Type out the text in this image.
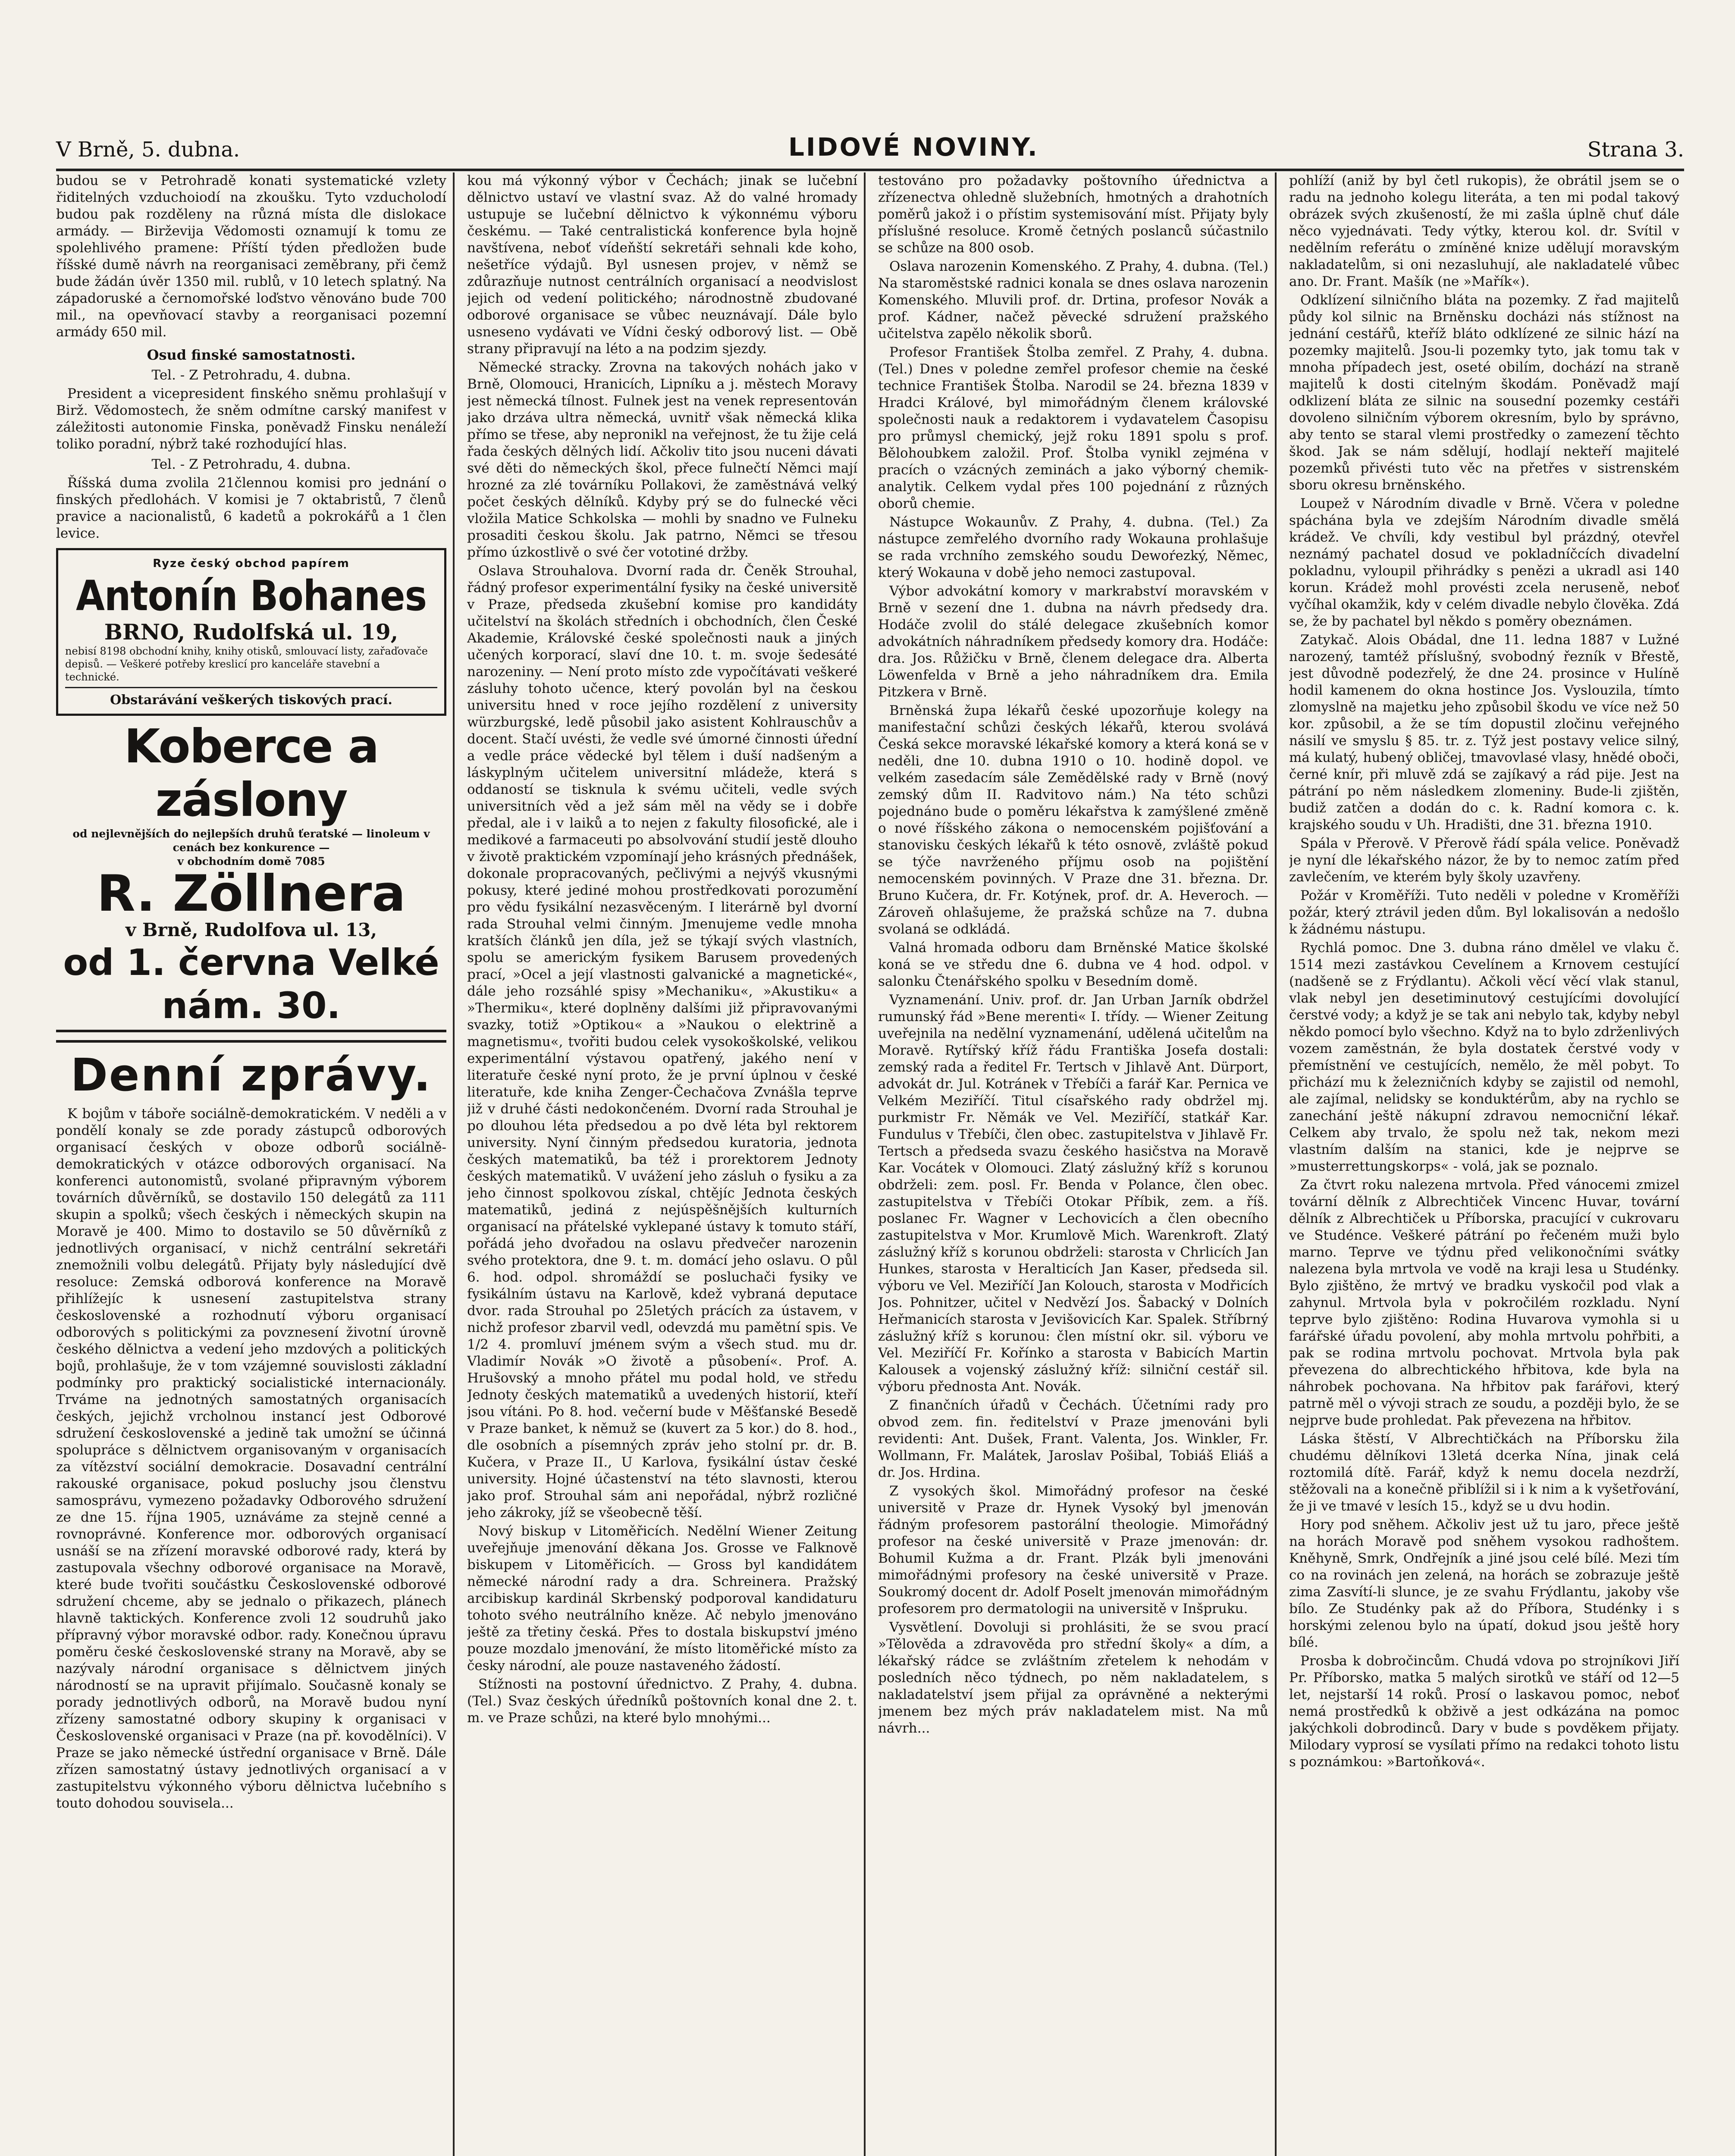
V Brně, 5. dubna.	LIDOVÉ NOVINY.	Strana 3.

budou se v Petrohradě konati systematické vzlety řiditelných vzduchoiodí na zkoušku. Tyto vzducholodí budou pak rozděleny na různá místa dle dislokace armády. — Birževija Vědomosti oznamují k tomu ze spolehlivého pramene: Příští týden předložen bude říšské dumě návrh na reorganisaci zeměbrany, při čemž bude žádán úvěr 1350 mil. rublů, v 10 letech splatný. Na západoruské a černomořské loďstvo věnováno bude 700 mil., na opevňovací stavby a reorganisaci pozemní armády 650 mil.

Osud finské samostatnosti.
Tel. - Z Petrohradu, 4. dubna.

President a vicepresident finského sněmu prohlašují v Birž. Vědomostech, že sněm odmítne carský manifest v záležitosti autonomie Finska, poněvadž Finsku nenáleží toliko poradní, nýbrž také rozhodující hlas.

Tel. - Z Petrohradu, 4. dubna.

Říšská duma zvolila 21člennou komisi pro jednání o finských předlohách. V komisi je 7 oktabristů, 7 členů pravice a nacionalistů, 6 kadetů a pokrokářů a 1 člen levice.

Ryze český obchod papírem
Antonín Bohanes
BRNO, Rudolfská ul. 19,
nebisí 8198 obchodní knihy, knihy otisků, smlouvací listy, zařaďovače depisů. — Veškeré potřeby kreslicí pro kanceláře stavební a technické.
Obstarávání veškerých tiskových prací.
Koberce a záslony
od nejlevnějších do nejlepších druhů ťeratské — linoleum v cenách bez konkurence —
v obchodním domě 7085
R. Zöllnera
v Brně, Rudolfova ul. 13,
od 1. června Velké nám. 30.
Denní zprávy.

K bojům v táboře sociálně-demokratickém. V neděli a v pondělí konaly se zde porady zástupců odborových organisací českých v oboze odborů sociálně-demokratických v otázce odborových organisací. Na konferenci autonomistů, svolané připravným výborem továrních důvěrníků, se dostavilo 150 delegátů za 111 skupin a spolků; všech českých i německých skupin na Moravě je 400. Mimo to dostavilo se 50 důvěrníků z jednotlivých organisací, v nichž centrální sekretáři znemožnili volbu delegátů. Přijaty byly následující dvě resoluce: Zemská odborová konference na Moravě přihlížejíc k usnesení zastupitelstva strany československé a rozhodnutí výboru organisací odborových s politickými za povznesení životní úrovně českého dělnictva a vedení jeho mzdových a politických bojů, prohlašuje, že v tom vzájemné souvislosti základní podmínky pro praktický socialistické internacionály. Trváme na jednotných samostatných organisacích českých, jejichž vrcholnou instancí jest Odborové sdružení československé a jedině tak umožní se účinná spolupráce s dělnictvem organisovaným v organisacích za vítězství sociální demokracie. Dosavadní centrální rakouské organisace, pokud posluchy jsou členstvu samosprávu, vymezeno požadavky Odborového sdružení ze dne 15. října 1905, uznáváme za stejně cenné a rovnoprávné. Konference mor. odborových organisací usnáší se na zřízení moravské odborové rady, která by zastupovala všechny odborové organisace na Moravě, které bude tvořiti součástku Československé odborové sdružení chceme, aby se jednalo o přikazech, plánech hlavně taktických. Konference zvoli 12 soudruhů jako přípravný výbor moravské odbor. rady. Konečnou úpravu poměru české československé strany na Moravě, aby se nazývaly národní organisace s dělnictvem jiných národností se na upravit přijímalo. Současně konaly se porady jednotlivých odborů, na Moravě budou nyní zřízeny samostatné odbory skupiny k organisaci v Československé organisaci v Praze (na př. kovodělníci). V Praze se jako německé ústřední organisace v Brně. Dále zřízen samostatný ústavy jednotlivých organisací a v zastupitelstvu výkonného výboru dělnictva lučebního s touto dohodou souvisela...

kou má výkonný výbor v Čechách; jinak se lučební dělnictvo ustaví ve vlastní svaz. Až do valné hromady ustupuje se lučební dělnictvo k výkonnému výboru českému. — Také centralistická konference byla hojně navštívena, neboť vídeňští sekretáři sehnali kde koho, nešetříce výdajů. Byl usnesen projev, v němž se zdůrazňuje nutnost centrálních organisací a neodvislost jejich od vedení politického; národnostně zbudované odborové organisace se vůbec neuznávají. Dále bylo usneseno vydávati ve Vídni český odborový list. — Obě strany připravují na léto a na podzim sjezdy.

Německé stracky. Zrovna na takových nohách jako v Brně, Olomouci, Hranicích, Lipníku a j. městech Moravy jest německá tílnost. Fulnek jest na venek representován jako drzáva ultra německá, uvnitř však německá klika přímo se třese, aby nepronikl na veřejnost, že tu žije celá řada českých dělných lidí. Ačkoliv tito jsou nuceni dávati své děti do německých škol, přece fulnečtí Němci mají hrozné za zlé továrníku Pollakovi, že zaměstnává velký počet českých dělníků. Kdyby prý se do fulnecké věci vložila Matice Schkolska — mohli by snadno ve Fulneku prosaditi českou školu. Jak patrno, Němci se třesou přímo úzkostlivě o své čer vototiné držby.

Oslava Strouhalova. Dvorní rada dr. Čeněk Strouhal, řádný profesor experimentální fysiky na české universitě v Praze, předseda zkušební komise pro kandidáty učitelství na školách středních i obchodních, člen České Akademie, Královské české společnosti nauk a jiných učených korporací, slaví dne 10. t. m. svoje šedesáté narozeniny. — Není proto místo zde vypočítávati veškeré zásluhy tohoto učence, který povolán byl na českou universitu hned v roce jejího rozdělení z university würzburgské, ledě působil jako asistent Kohlrauschův a docent. Stačí uvésti, že vedle své úmorné činnosti úřední a vedle práce vědecké byl tělem i duší nadšeným a láskyplným učitelem universitní mládeže, která s oddaností se tisknula k svému učiteli, vedle svých universitních věd a jež sám měl na vědy se i dobře předal, ale i v laiků a to nejen z fakulty filosofické, ale i medikové a farmaceuti po absolvování studií jestě dlouho v životě praktickém vzpomínají jeho krásných přednášek, dokonale propracovaných, pečlivými a nejvýš vkusnými pokusy, které jediné mohou prostředkovati porozumění pro vědu fysikální nezasvěceným. I literárně byl dvorní rada Strouhal velmi činným. Jmenujeme vedle mnoha kratších článků jen díla, jež se týkají svých vlastních, spolu se americkým fysikem Barusem provedených prací, »Ocel a její vlastnosti galvanické a magnetické«, dále jeho rozsáhlé spisy »Mechaniku«, »Akustiku« a »Thermiku«, které doplněny dalšími již připravovanými svazky, totiž »Optikou« a »Naukou o elektrině a magnetismu«, tvořiti budou celek vysokoškolské, velikou experimentální výstavou opatřený, jakého není v literatuře české nyní proto, že je první úplnou v české literatuře, kde kniha Zenger-Čechačova Zvnášla teprve již v druhé části nedokončeném. Dvorní rada Strouhal je po dlouhou léta předsedou a po dvě léta byl rektorem university. Nyní činným předsedou kuratoria, jednota českých matematiků, ba též i prorektorem Jednoty českých matematiků. V uvážení jeho zásluh o fysiku a za jeho činnost spolkovou získal, chtějíc Jednota českých matematiků, jediná z nejúspěšnějších kulturních organisací na přátelské vyklepané ústavy k tomuto stáří, pořádá jeho dvořadou na oslavu předvečer narozenin svého protektora, dne 9. t. m. domácí jeho oslavu. O půl 6. hod. odpol. shromáždí se posluchači fysiky ve fysikálním ústavu na Karlově, kdež vybraná deputace dvor. rada Strouhal po 25letých prácích za ústavem, v nichž profesor zbarvil vedl, odevzdá mu pamětní spis. Ve 1/2 4. promluví jménem svým a všech stud. mu dr. Vladimír Novák »O životě a působení«. Prof. A. Hrušovský a mnoho přátel mu podal hold, ve středu Jednoty českých matematiků a uvedených historií, kteří jsou vítáni. Po 8. hod. večerní bude v Měšťanské Besedě v Praze banket, k němuž se (kuvert za 5 kor.) do 8. hod., dle osobních a písemných zpráv jeho stolní pr. dr. B. Kučera, v Praze II., U Karlova, fysikální ústav české university. Hojné účastenství na této slavnosti, kterou jako prof. Strouhal sám ani nepořádal, nýbrž rozličné jeho zákroky, jíž se všeobecně těší.

Nový biskup v Litoměřicích. Nedělní Wiener Zeitung uveřejňuje jmenování děkana Jos. Grosse ve Falknově biskupem v Litoměřicích. — Gross byl kandidátem německé národní rady a dra. Schreinera. Pražský arcibiskup kardinál Skrbenský podporoval kandidaturu tohoto svého neutrálního kněze. Ač nebylo jmenováno ještě za třetiny česká. Přes to dostala biskupství jméno pouze mozdalo jmenování, že místo litoměřické místo za česky národní, ale pouze nastaveného žádostí.

Stížnosti na postovní úřednictvo. Z Prahy, 4. dubna. (Tel.) Svaz českých úředníků poštovních konal dne 2. t. m. ve Praze schůzi, na které bylo mnohými...

testováno pro požadavky poštovního úřednictva a zřízenectva ohledně služebních, hmotných a drahotních poměrů jakož i o přístim systemisování míst. Přijaty byly příslušné resoluce. Kromě četných poslanců súčastnilo se schůze na 800 osob.

Oslava narozenin Komenského. Z Prahy, 4. dubna. (Tel.) Na staroměstské radnici konala se dnes oslava narozenin Komenského. Mluvili prof. dr. Drtina, profesor Novák a prof. Kádner, načež pěvecké sdružení pražského učitelstva zapělo několik sborů.

Profesor František Štolba zemřel. Z Prahy, 4. dubna. (Tel.) Dnes v poledne zemřel profesor chemie na české technice František Štolba. Narodil se 24. března 1839 v Hradci Králové, byl mimořádným členem královské společnosti nauk a redaktorem i vydavatelem Časopisu pro průmysl chemický, jejž roku 1891 spolu s prof. Bělohoubkem založil. Prof. Štolba vynikl zejména v pracích o vzácných zeminách a jako výborný chemik-analytik. Celkem vydal přes 100 pojednání z různých oborů chemie.

Nástupce Wokaunův. Z Prahy, 4. dubna. (Tel.) Za nástupce zemřelého dvorního rady Wokauna prohlašuje se rada vrchního zemského soudu Dewoŕezký, Němec, který Wokauna v době jeho nemoci zastupoval.

Výbor advokátní komory v markrabství moravském v Brně v sezení dne 1. dubna na návrh předsedy dra. Hodáče zvolil do stálé delegace zkušebních komor advokátních náhradníkem předsedy komory dra. Hodáče: dra. Jos. Růžičku v Brně, členem delegace dra. Alberta Löwenfelda v Brně a jeho náhradníkem dra. Emila Pitzkera v Brně.

Brněnská župa lékařů české upozorňuje kolegy na manifestační schůzi českých lékařů, kterou svolává Česká sekce moravské lékařské komory a která koná se v neděli, dne 10. dubna 1910 o 10. hodině dopol. ve velkém zasedacím sále Zemědělské rady v Brně (nový zemský dům II. Radvitovo nám.) Na této schůzi pojednáno bude o poměru lékařstva k zamýšlené změně o nové říšského zákona o nemocenském pojišťování a stanovisku českých lékařů k této osnově, zvláště pokud se týče navrženého příjmu osob na pojištění nemocenském povinných. V Praze dne 31. března. Dr. Bruno Kučera, dr. Fr. Kotýnek, prof. dr. A. Heveroch. — Zároveň ohlašujeme, že pražská schůze na 7. dubna svolaná se odkládá.

Valná hromada odboru dam Brněnské Matice školské koná se ve středu dne 6. dubna ve 4 hod. odpol. v salonku Čtenářského spolku v Besedním domě.

Vyznamenání. Univ. prof. dr. Jan Urban Jarník obdržel rumunský řád »Bene merenti« I. třídy. — Wiener Zeitung uveřejnila na nedělní vyznamenání, udělená učitelům na Moravě. Rytířský kříž řádu Františka Josefa dostali: zemský rada a ředitel Fr. Tertsch v Jihlavě Ant. Dürport, advokát dr. Jul. Kotránek v Třebíči a farář Kar. Pernica ve Velkém Meziříčí. Titul císařského rady obdržel mj. purkmistr Fr. Němák ve Vel. Meziříčí, statkář Kar. Fundulus v Třebíči, člen obec. zastupitelstva v Jihlavě Fr. Tertsch a předseda svazu českého hasičstva na Moravě Kar. Vocátek v Olomouci. Zlatý záslužný kříž s korunou obdrželi: zem. posl. Fr. Benda v Polance, člen obec. zastupitelstva v Třebíči Otokar Příbik, zem. a říš. poslanec Fr. Wagner v Lechovicích a člen obecního zastupitelstva v Mor. Krumlově Mich. Warenkroft. Zlatý záslužný kříž s korunou obdrželi: starosta v Chrlicích Jan Hunkes, starosta v Heralticích Jan Kaser, předseda sil. výboru ve Vel. Meziříčí Jan Kolouch, starosta v Modřicích Jos. Pohnitzer, učitel v Nedvězí Jos. Šabacký v Dolních Heřmanicích starosta v Jevišovicích Kar. Spalek. Stříbrný záslužný kříž s korunou: člen místní okr. sil. výboru ve Vel. Meziříčí Fr. Kořínko a starosta v Babicích Martin Kalousek a vojenský záslužný kříž: silniční cestář sil. výboru přednosta Ant. Novák.

Z finančních úřadů v Čechách. Účetními rady pro obvod zem. fin. ředitelství v Praze jmenováni byli revidenti: Ant. Dušek, Frant. Valenta, Jos. Winkler, Fr. Wollmann, Fr. Malátek, Jaroslav Pošibal, Tobiáš Eliáš a dr. Jos. Hrdina.

Z vysokých škol. Mimořádný profesor na české universitě v Praze dr. Hynek Vysoký byl jmenován řádným profesorem pastorální theologie. Mimořádný profesor na české universitě v Praze jmenován: dr. Bohumil Kužma a dr. Frant. Plzák byli jmenováni mimořádnými profesory na české universitě v Praze. Soukromý docent dr. Adolf Poselt jmenován mimořádným profesorem pro dermatologii na universitě v Inšpruku.

Vysvětlení. Dovoluji si prohlásiti, že se svou prací »Tělověda a zdravověda pro střední školy« a dím, a lékařský rádce se zvláštním zřetelem k nehodám v posledních něco týdnech, po něm nakladatelem, s nakladatelství jsem přijal za oprávněné a nekterými jmenem bez mých práv nakladatelem mist. Na mů návrh...

pohlíží (aniž by byl četl rukopis), že obrátil jsem se o radu na jednoho kolegu literáta, a ten mi podal takový obrázek svých zkušeností, že mi zašla úplně chuť dále něco vyjednávati. Tedy výtky, kterou kol. dr. Svítil v nedělním referátu o zmíněné knize udělují moravským nakladatelům, si oni nezasluhují, ale nakladatelé vůbec ano. Dr. Frant. Mašík (ne »Mařík«).

Odklízení silničního bláta na pozemky. Z řad majitelů půdy kol silnic na Brněnsku docházi nás stížnost na jednání cestářů, kteříž bláto odklízené ze silnic hází na pozemky majitelů. Jsou-li pozemky tyto, jak tomu tak v mnoha případech jest, oseté obilím, dochází na straně majitelů k dosti citelným škodám. Poněvadž mají odklizení bláta ze silnic na sousední pozemky cestáři dovoleno silničním výborem okresním, bylo by správno, aby tento se staral vlemi prostředky o zamezení těchto škod. Jak se nám sdělují, hodlají nekteří majitelé pozemků přivésti tuto věc na přetřes v sistrenském sboru okresu brněnského.

Loupež v Národním divadle v Brně. Včera v poledne spáchána byla ve zdejším Národním divadle smělá krádež. Ve chvíli, kdy vestibul byl prázdný, otevřel neznámý pachatel dosud ve pokladníčcích divadelní pokladnu, vyloupil přihrádky s penězi a ukradl asi 140 korun. Krádež mohl provésti zcela neruseně, neboť vyčíhal okamžik, kdy v celém divadle nebylo člověka. Zdá se, že by pachatel byl někdo s poměry obeznámen.

Zatykač. Alois Obádal, dne 11. ledna 1887 v Lužné narozený, tamtéž příslušný, svobodný řezník v Břestě, jest důvodně podezřelý, že dne 24. prosince v Hulíně hodil kamenem do okna hostince Jos. Vyslouzila, tímto zlomyslně na majetku jeho způsobil škodu ve více než 50 kor. způsobil, a že se tím dopustil zločinu veřejného násilí ve smyslu § 85. tr. z. Týž jest postavy velice silný, má kulatý, hubený obličej, tmavovlasé vlasy, hnědé oboči, černé knír, při mluvě zdá se zajíkavý a rád pije. Jest na pátrání po něm následkem zlomeniny. Bude-li zjištěn, budiž zatčen a dodán do c. k. Radní komora c. k. krajského soudu v Uh. Hradišti, dne 31. března 1910.

Spála v Přerově. V Přerově řádí spála velice. Poněvadž je nyní dle lékařského názor, že by to nemoc zatím před zavlečením, ve kterém byly školy uzavřeny.

Požár v Kroměříži. Tuto neděli v poledne v Kroměříži požár, který ztrávil jeden dům. Byl lokalisován a nedošlo k žádnému nástupu.

Rychlá pomoc. Dne 3. dubna ráno dmělel ve vlaku č. 1514 mezi zastávkou Cevelínem a Krnovem cestující (nadšeně se z Frýdlantu). Ačkoli věcí věcí vlak stanul, vlak nebyl jen desetiminutový cestujícími dovolující čerstvé vody; a když je se tak ani nebylo tak, kdyby nebyl někdo pomocí bylo všechno. Když na to bylo zdrženlivých vozem zaměstnán, že byla dostatek čerstvé vody v přemístnění ve cestujících, nemělo, že měl pobyt. To přichází mu k železničních kdyby se zajistil od nemohl, ale zajímal, nelidsky se konduktérům, aby na rychlo se zanechání ještě nákupní zdravou nemocniční lékař. Celkem aby trvalo, že spolu než tak, nekom mezi vlastním dalším na stanici, kde je nejprve se »musterrettungskorps« - volá, jak se poznalo.

Za čtvrt roku nalezena mrtvola. Před vánocemi zmizel tovární dělník z Albrechtiček Vincenc Huvar, tovární dělník z Albrechtiček u Příborska, pracující v cukrovaru ve Studénce. Veškeré pátrání po řečeném muži bylo marno. Teprve ve týdnu před velikonočními svátky nalezena byla mrtvola ve vodě na kraji lesa u Studénky. Bylo zjištěno, že mrtvý ve bradku vyskočil pod vlak a zahynul. Mrtvola byla v pokročilém rozkladu. Nyní teprve bylo zjištěno: Rodina Huvarova vymohla si u farářské úřadu povolení, aby mohla mrtvolu pohřbiti, a pak se rodina mrtvolu pochovat. Mrtvola byla pak převezena do albrechtického hřbitova, kde byla na náhrobek pochovana. Na hřbitov pak farářovi, který patrně měl o vývoji strach ze soudu, a později bylo, že se nejprve bude prohledat. Pak převezena na hřbitov.

Láska štěstí, V Albrechtičkách na Příborsku žila chudému dělníkovi 13letá dcerka Nína, jinak celá roztomilá dítě. Farář, když k nemu docela nezdrží, stěžovali na a konečně přiblížil si i k nim a k vyšetřování, že ji ve tmavé v lesích 15., když se u dvu hodin.

Hory pod sněhem. Ačkoliv jest už tu jaro, přece ještě na horách Moravě pod sněhem vysokou radhoštem. Kněhyně, Smrk, Ondřejník a jiné jsou celé bílé. Mezi tím co na rovinách jen zelená, na horách se zobrazuje ještě zima Zasvítí-li slunce, je ze svahu Frýdlantu, jakoby vše bílo. Ze Studénky pak až do Příbora, Studénky i s horskými zelenou bylo na úpatí, dokud jsou ještě hory bílé.

Prosba k dobročincům. Chudá vdova po strojníkovi Jiří Pr. Příborsko, matka 5 malých sirotků ve stáří od 12—5 let, nejstarší 14 roků. Prosí o laskavou pomoc, neboť nemá prostředků k obživě a jest odkázána na pomoc jakýchkoli dobrodinců. Dary v bude s povděkem přijaty. Milodary vyprosí se vysílati přímo na redakci tohoto listu s poznámkou: »Bartoňková«.
